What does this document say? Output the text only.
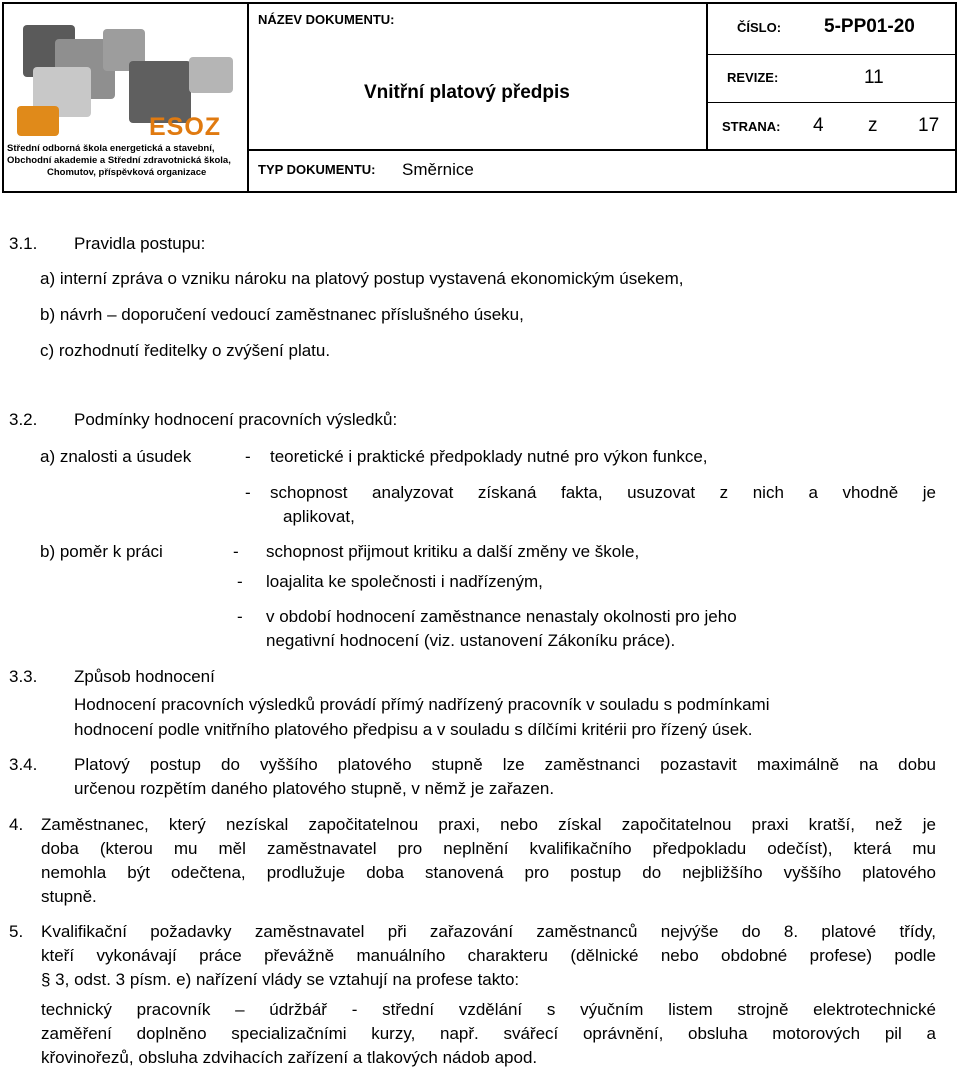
ESOZ
Střední odborná škola energetická a stavební,
Obchodní akademie a Střední zdravotnická škola,
Chomutov, příspěvková organizace
NÁZEV DOKUMENTU:
Vnitřní platový předpis
TYP DOKUMENTU: Směrnice
ČÍSLO: 5-PP01-20
REVIZE:	11
STRANA: 4 z 17
3.1. Pravidla postupu:
a) interní zpráva o vzniku nároku na platový postup vystavená ekonomickým úsekem,
b) návrh – doporučení vedoucí zaměstnanec příslušného úseku,
c) rozhodnutí ředitelky o zvýšení platu.
3.2. Podmínky hodnocení pracovních výsledků:
a) znalosti a úsudek	- teoretické i praktické předpoklady nutné pro výkon funkce,
- schopnost analyzovat získaná fakta, usuzovat z nich a vhodně je
aplikovat,
b) poměr k práci	- schopnost přijmout kritiku a další změny ve škole,
- loajalita ke společnosti i nadřízeným,
- v období hodnocení zaměstnance nenastaly okolnosti pro jeho
negativní hodnocení (viz. ustanovení Zákoníku práce).
3.3. Způsob hodnocení
Hodnocení pracovních výsledků provádí přímý nadřízený pracovník v souladu s podmínkami
hodnocení podle vnitřního platového předpisu a v souladu s dílčími kritérii pro řízený úsek.
3.4. Platový postup do vyššího platového stupně lze zaměstnanci pozastavit maximálně na dobu
určenou rozpětím daného platového stupně, v němž je zařazen.
4. Zaměstnanec, který nezískal započitatelnou praxi, nebo získal započitatelnou praxi kratší, než je
doba (kterou mu měl zaměstnavatel pro neplnění kvalifikačního předpokladu odečíst), která mu
nemohla být odečtena, prodlužuje doba stanovená pro postup do nejbližšího vyššího platového
stupně.
5. Kvalifikační požadavky zaměstnavatel při zařazování zaměstnanců nejvýše do 8. platové třídy,
kteří vykonávají práce převážně manuálního charakteru (dělnické nebo obdobné profese) podle
§ 3, odst. 3 písm. e) nařízení vlády se vztahují na profese takto:
technický pracovník – údržbář - střední vzdělání s výučním listem strojně elektrotechnické
zaměření doplněno specializačními kurzy, např. svářecí oprávnění, obsluha motorových pil a
křovinořezů, obsluha zdvihacích zařízení a tlakových nádob apod.
